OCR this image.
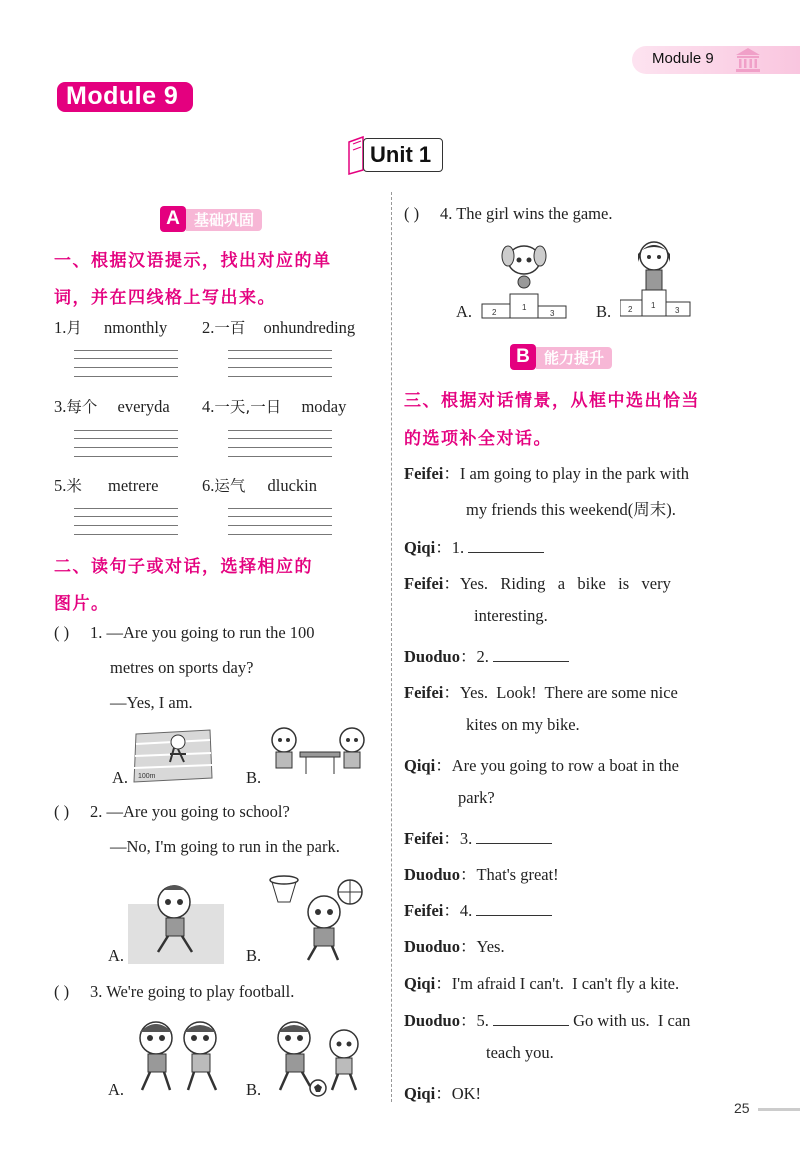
Module 9
Module 9
Unit 1
A 基础巩固
一、根据汉语提示，找出对应的单
词，并在四线格上写出来。
1.月 nmonthly 2.一百 onhundreding
3.每个 everyda 4.一天,一日 moday
5.米 metrere	6.运气 dluckin
二、读句子或对话，选择相应的
图片。
( ) 1. —Are you going to run the 100
metres on sports day?
—Yes, I am.
A. 100m	B.
( ) 2. —Are you going to school?
—No, I'm going to run in the park.
A.	B.
( ) 3. We're going to play football.
A.	B.
( ) 4. The girl wins the game.
A.	1
2	3	B.	1
2	3
B 能力提升
三、根据对话情景，从框中选出恰当
的选项补全对话。
Feifei：I am going to play in the park with
my friends this weekend(周末).
Qiqi：1.
Feifei：Yes.   Riding   a   bike   is   very
interesting.
Duoduo：2.
Feifei：Yes.  Look!  There are some nice
kites on my bike.
Qiqi：Are you going to row a boat in the
park?
Feifei：3.
Duoduo：That's great!
Feifei：4.
Duoduo：Yes.
Qiqi：I'm afraid I can't.  I can't fly a kite.
Duoduo：5.	Go with us.  I can
teach you.
Qiqi：OK!
25
